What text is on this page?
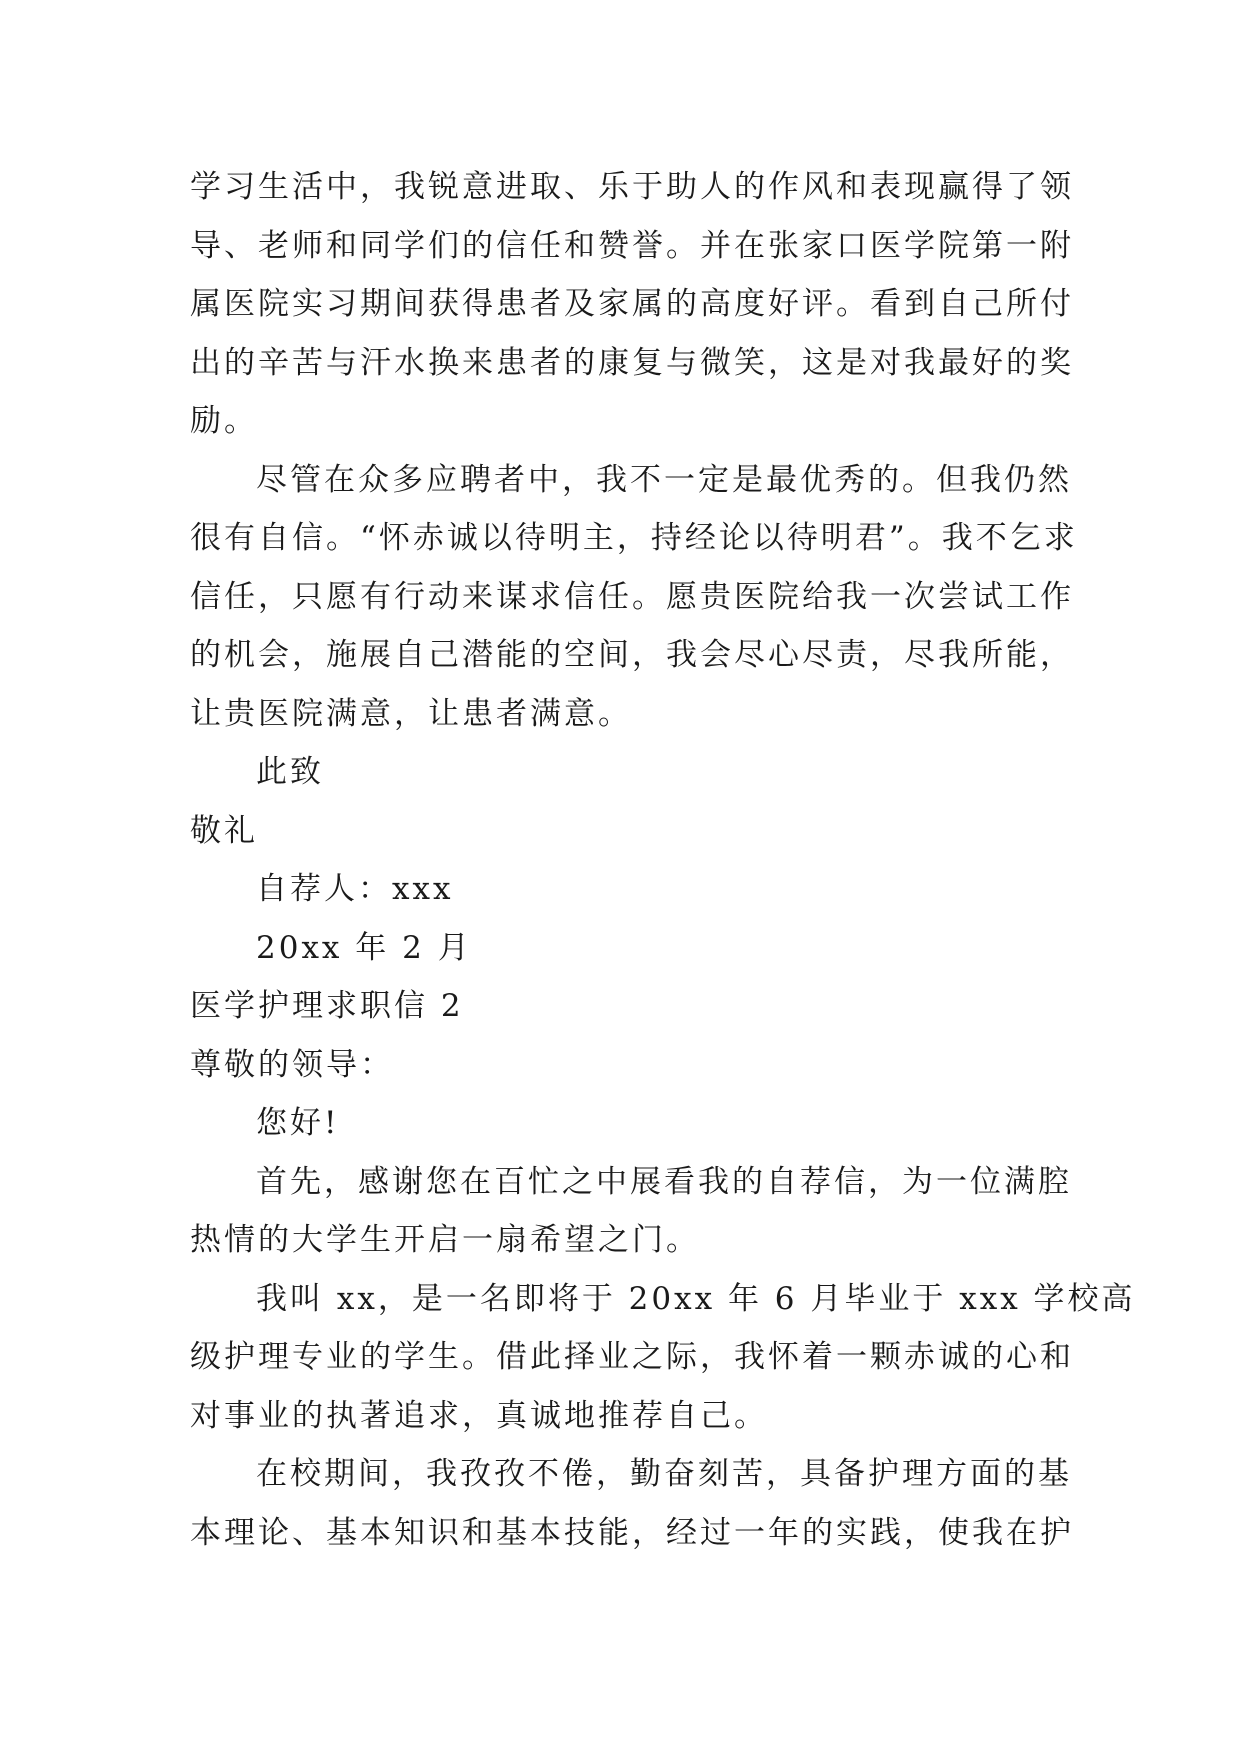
学习生活中，我锐意进取、乐于助人的作风和表现赢得了领
导、老师和同学们的信任和赞誉。并在张家口医学院第一附
属医院实习期间获得患者及家属的高度好评。看到自己所付
出的辛苦与汗水换来患者的康复与微笑，这是对我最好的奖
励。

尽管在众多应聘者中，我不一定是最优秀的。但我仍然
很有自信。“怀赤诚以待明主，持经论以待明君”。我不乞求
信任，只愿有行动来谋求信任。愿贵医院给我一次尝试工作
的机会，施展自己潜能的空间，我会尽心尽责，尽我所能，
让贵医院满意，让患者满意。

此致

敬礼

自荐人：xxx

20xx 年 2 月

医学护理求职信 2

尊敬的领导：

您好!

首先，感谢您在百忙之中展看我的自荐信，为一位满腔
热情的大学生开启一扇希望之门。

我叫 xx，是一名即将于 20xx 年 6 月毕业于 xxx 学校高
级护理专业的学生。借此择业之际，我怀着一颗赤诚的心和
对事业的执著追求，真诚地推荐自己。

在校期间，我孜孜不倦，勤奋刻苦，具备护理方面的基
本理论、基本知识和基本技能，经过一年的实践，使我在护
